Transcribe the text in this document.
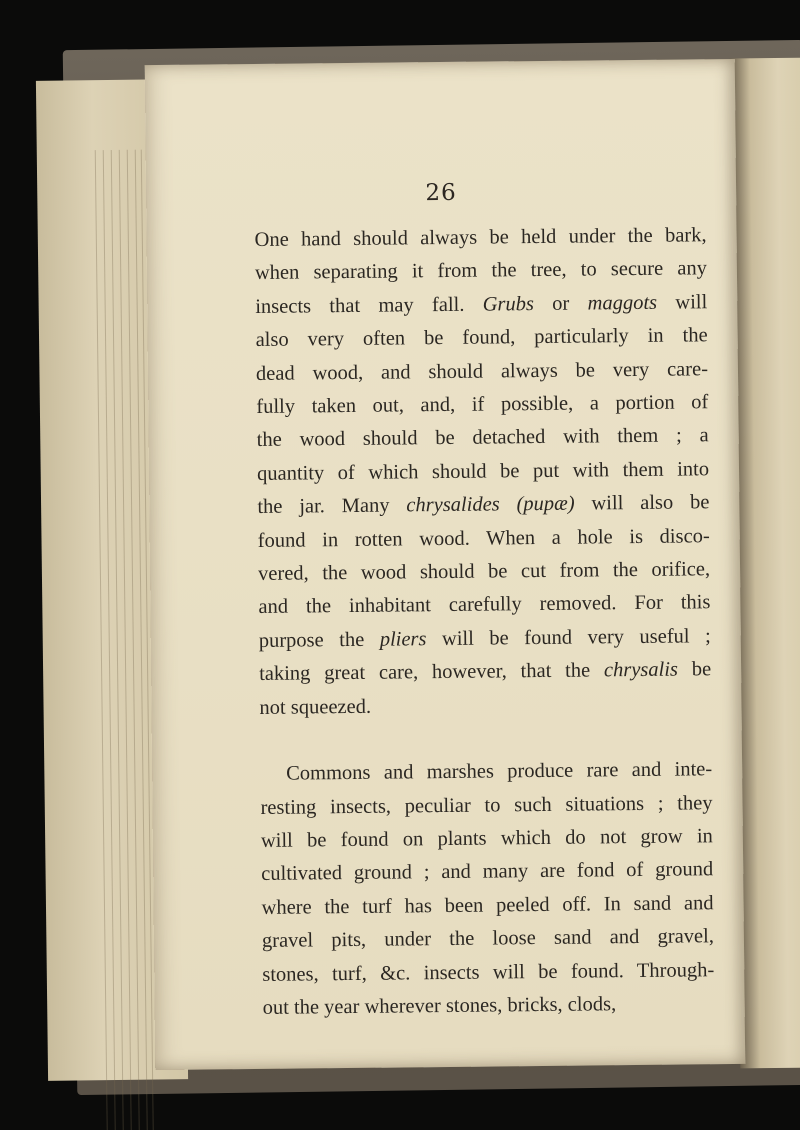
26
One hand should always be held under the bark,
when separating it from the tree, to secure any
insects that may fall. Grubs or maggots will
also very often be found, particularly in the
dead wood, and should always be very care-
fully taken out, and, if possible, a portion of
the wood should be detached with them ; a
quantity of which should be put with them into
the jar. Many chrysalides (pupæ) will also be
found in rotten wood. When a hole is disco-
vered, the wood should be cut from the orifice,
and the inhabitant carefully removed. For this
purpose the pliers will be found very useful ;
taking great care, however, that the chrysalis be
not squeezed.
Commons and marshes produce rare and inte-
resting insects, peculiar to such situations ; they
will be found on plants which do not grow in
cultivated ground ; and many are fond of ground
where the turf has been peeled off. In sand and
gravel pits, under the loose sand and gravel,
stones, turf, &c. insects will be found. Through-
out the year wherever stones, bricks, clods,
